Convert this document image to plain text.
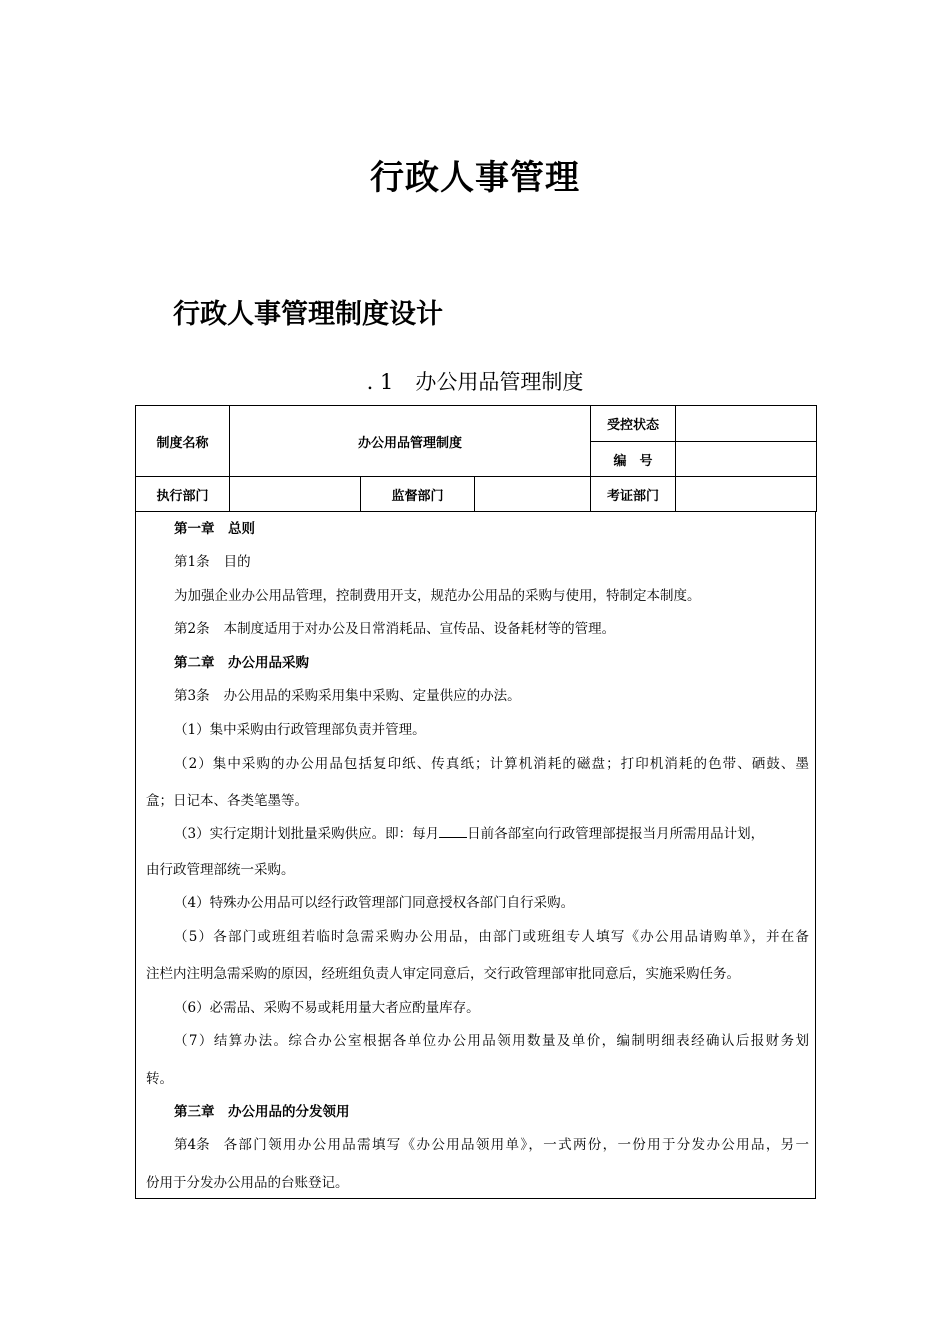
行政人事管理
行政人事管理制度设计
. 1 办公用品管理制度
制度名称	办公用品管理制度			受控状态	
				编　号	
执行部门		监督部门		考证部门	
第一章　总则
第1条 目的
为加强企业办公用品管理，控制费用开支，规范办公用品的采购与使用，特制定本制度。
第2条 本制度适用于对办公及日常消耗品、宣传品、设备耗材等的管理。
第二章　办公用品采购
第3条 办公用品的采购采用集中采购、定量供应的办法。
（1）集中采购由行政管理部负责并管理。
（2）集中采购的办公用品包括复印纸、传真纸；计算机消耗的磁盘；打印机消耗的色带、硒鼓、墨
盒；日记本、各类笔墨等。
（3）实行定期计划批量采购供应。即：每月 日前各部室向行政管理部提报当月所需用品计划，
由行政管理部统一采购。
（4）特殊办公用品可以经行政管理部门同意授权各部门自行采购。
（5）各部门或班组若临时急需采购办公用品，由部门或班组专人填写《办公用品请购单》，并在备
注栏内注明急需采购的原因，经班组负责人审定同意后，交行政管理部审批同意后，实施采购任务。
（6）必需品、采购不易或耗用量大者应酌量库存。
（7）结算办法。综合办公室根据各单位办公用品领用数量及单价，编制明细表经确认后报财务划
转。
第三章　办公用品的分发领用
第4条 各部门领用办公用品需填写《办公用品领用单》，一式两份，一份用于分发办公用品，另一
份用于分发办公用品的台账登记。
